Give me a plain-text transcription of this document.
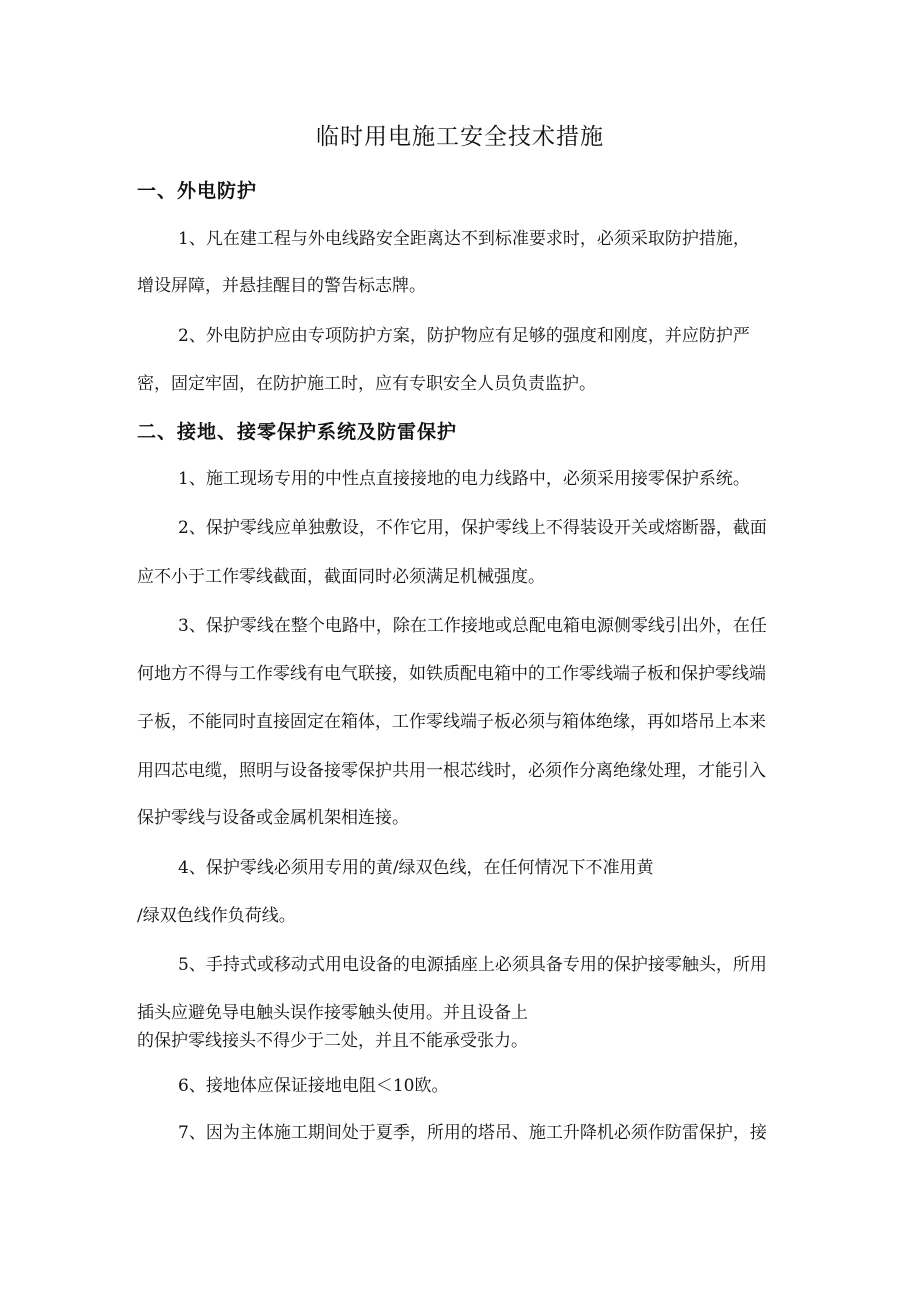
临时用电施工安全技术措施
一、外电防护
1、凡在建工程与外电线路安全距离达不到标准要求时，必须采取防护措施，
增设屏障，并悬挂醒目的警告标志牌。
2、外电防护应由专项防护方案，防护物应有足够的强度和刚度，并应防护严
密，固定牢固，在防护施工时，应有专职安全人员负责监护。
二、接地、接零保护系统及防雷保护
1、施工现场专用的中性点直接接地的电力线路中，必须采用接零保护系统。
2、保护零线应单独敷设，不作它用，保护零线上不得装设开关或熔断器，截面
应不小于工作零线截面，截面同时必须满足机械强度。
3、保护零线在整个电路中，除在工作接地或总配电箱电源侧零线引出外，在任
何地方不得与工作零线有电气联接，如铁质配电箱中的工作零线端子板和保护零线端
子板，不能同时直接固定在箱体，工作零线端子板必须与箱体绝缘，再如塔吊上本来
用四芯电缆，照明与设备接零保护共用一根芯线时，必须作分离绝缘处理，才能引入
保护零线与设备或金属机架相连接。
4、保护零线必须用专用的黄/绿双色线，在任何情况下不准用黄
/绿双色线作负荷线。
5、手持式或移动式用电设备的电源插座上必须具备专用的保护接零触头，所用
插头应避免导电触头误作接零触头使用。并且设备上
的保护零线接头不得少于二处，并且不能承受张力。
6、接地体应保证接地电阻＜10欧。
7、因为主体施工期间处于夏季，所用的塔吊、施工升降机必须作防雷保护，接
